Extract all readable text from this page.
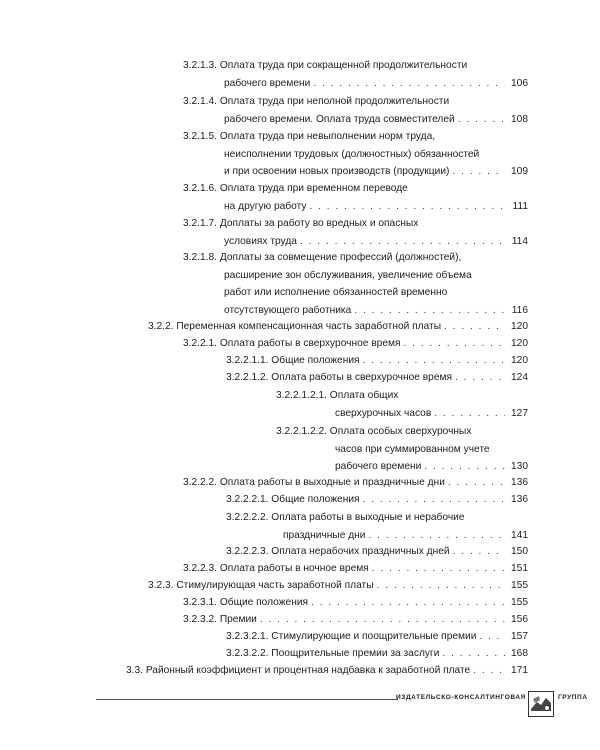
3.2.1.3. Оплата труда при сокращенной продолжительности
рабочего времени . . .	106
3.2.1.4. Оплата труда при неполной продолжительности
рабочего времени. Оплата труда совместителей . . .	108
3.2.1.5. Оплата труда при невыполнении норм труда,
неисполнении трудовых (должностных) обязанностей
и при освоении новых производств (продукции) . . .	109
3.2.1.6. Оплата труда при временном переводе
на другую работу . . .	111
3.2.1.7. Доплаты за работу во вредных и опасных
условиях труда . . .	114
3.2.1.8. Доплаты за совмещение профессий (должностей),
расширение зон обслуживания, увеличение объема
работ или исполнение обязанностей временно
отсутствующего работника . . .	116
3.2.2. Переменная компенсационная часть заработной платы . . .	120
3.2.2.1. Оплата работы в сверхурочное время . . .	120
3.2.2.1.1. Общие положения . . .	120
3.2.2.1.2. Оплата работы в сверхурочное время . . .	124
3.2.2.1.2.1. Оплата общих
сверхурочных часов . . .	127
3.2.2.1.2.2. Оплата особых сверхурочных
часов при суммированном учете
рабочего времени . . .	130
3.2.2.2. Оплата работы в выходные и праздничные дни . . .	136
3.2.2.2.1. Общие положения . . .	136
3.2.2.2.2. Оплата работы в выходные и нерабочие
праздничные дни . . .	141
3.2.2.2.3. Оплата нерабочих праздничных дней . . .	150
3.2.2.3. Оплата работы в ночное время . . .	151
3.2.3. Стимулирующая часть заработной платы . . .	155
3.2.3.1. Общие положения . . .	155
3.2.3.2. Премии . . .	156
3.2.3.2.1. Стимулирующие и поощрительные премии . . .	157
3.2.3.2.2. Поощрительные премии за заслуги . . .	168
3.3. Районный коэффициент и процентная надбавка к заработной плате . . .	171
ИЗДАТЕЛЬСКО-КОНСАЛТИНГОВАЯ	ГРУППА
